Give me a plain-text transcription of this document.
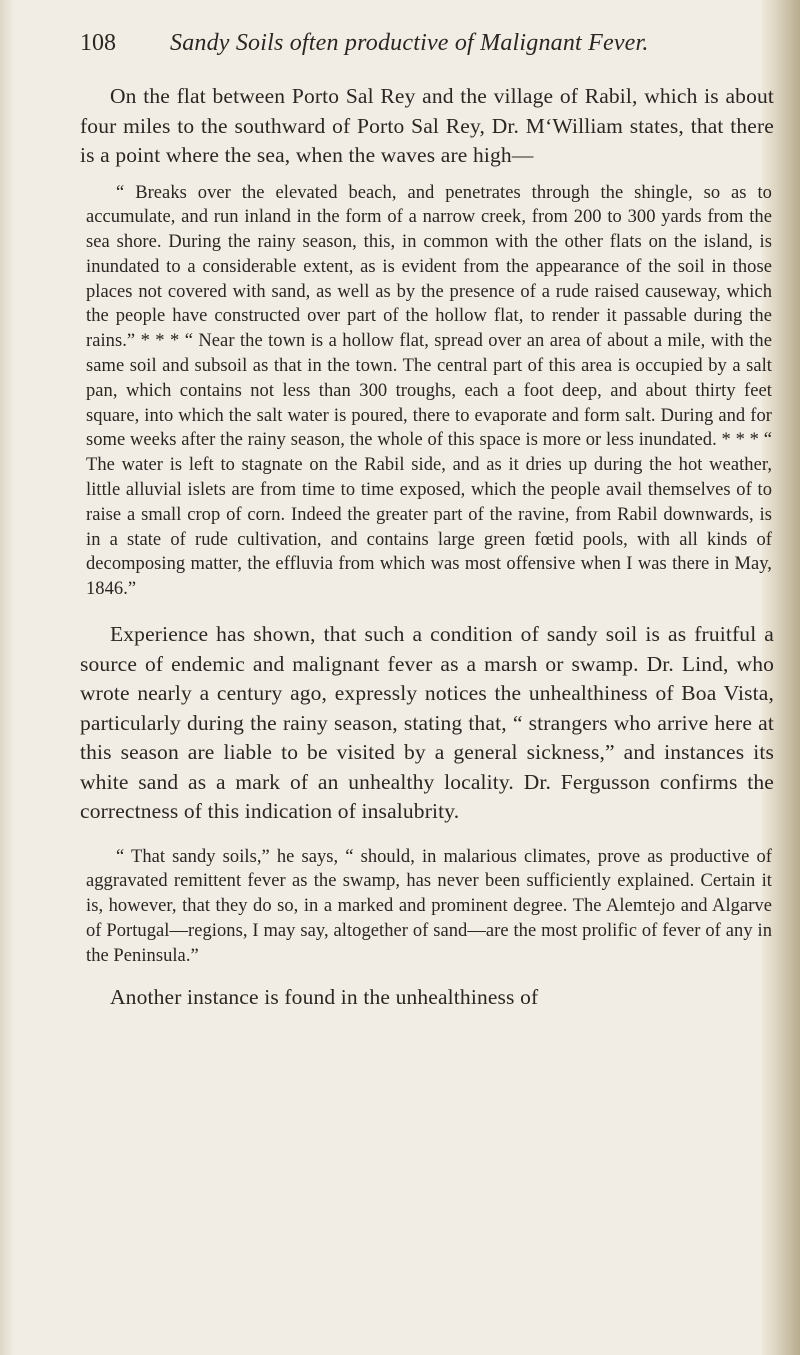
108 Sandy Soils often productive of Malignant Fever.

On the flat between Porto Sal Rey and the village of Rabil, which is about four miles to the southward of Porto Sal Rey, Dr. M‘William states, that there is a point where the sea, when the waves are high—

“ Breaks over the elevated beach, and penetrates through the shingle, so as to accumulate, and run inland in the form of a narrow creek, from 200 to 300 yards from the sea shore. During the rainy season, this, in common with the other flats on the island, is inundated to a considerable extent, as is evident from the appearance of the soil in those places not covered with sand, as well as by the presence of a rude raised causeway, which the people have constructed over part of the hollow flat, to render it passable during the rains.” * * * “ Near the town is a hollow flat, spread over an area of about a mile, with the same soil and subsoil as that in the town. The central part of this area is occupied by a salt pan, which contains not less than 300 troughs, each a foot deep, and about thirty feet square, into which the salt water is poured, there to evaporate and form salt. During and for some weeks after the rainy season, the whole of this space is more or less inundated. * * * “ The water is left to stagnate on the Rabil side, and as it dries up during the hot weather, little alluvial islets are from time to time exposed, which the people avail themselves of to raise a small crop of corn. Indeed the greater part of the ravine, from Rabil downwards, is in a state of rude cultivation, and contains large green fœtid pools, with all kinds of decomposing matter, the effluvia from which was most offensive when I was there in May, 1846.”

Experience has shown, that such a condition of sandy soil is as fruitful a source of endemic and malignant fever as a marsh or swamp. Dr. Lind, who wrote nearly a century ago, expressly notices the unhealthiness of Boa Vista, particularly during the rainy season, stating that, “ strangers who arrive here at this season are liable to be visited by a general sickness,” and instances its white sand as a mark of an unhealthy locality. Dr. Fergusson confirms the correctness of this indication of insalubrity.

“ That sandy soils,” he says, “ should, in malarious climates, prove as productive of aggravated remittent fever as the swamp, has never been sufficiently explained. Certain it is, however, that they do so, in a marked and prominent degree. The Alemtejo and Algarve of Portugal—regions, I may say, altogether of sand—are the most prolific of fever of any in the Peninsula.”

Another instance is found in the unhealthiness of
